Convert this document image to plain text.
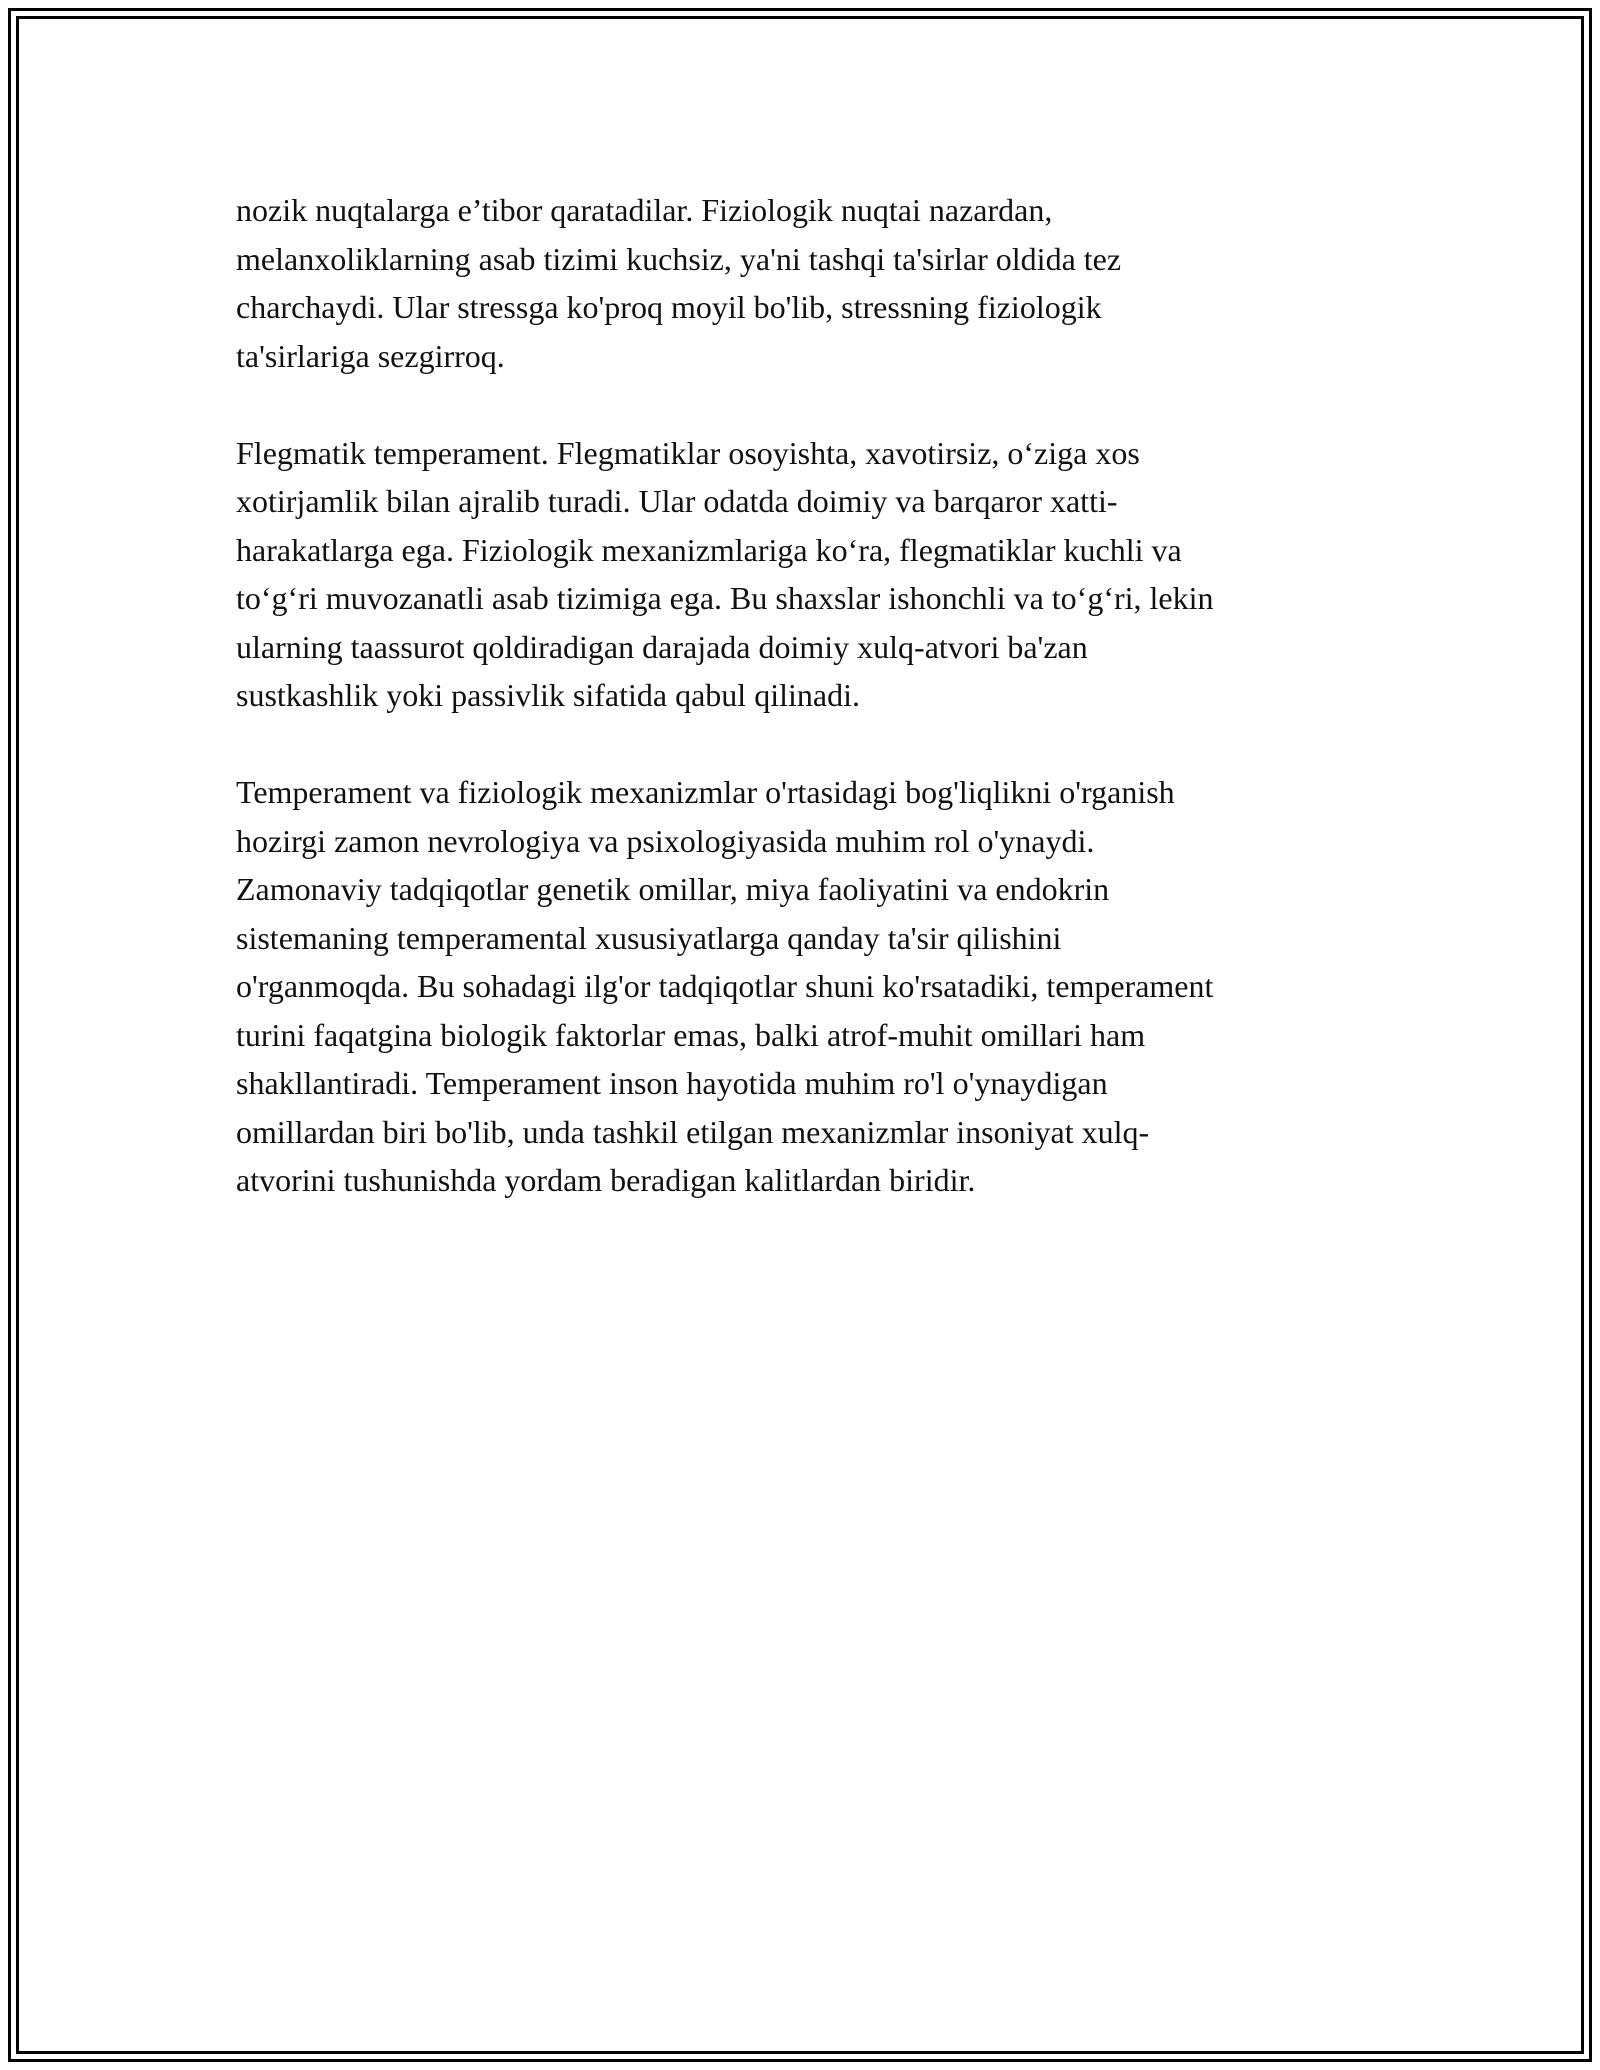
nozik nuqtalarga e’tibor qaratadilar. Fiziologik nuqtai nazardan,
melanxoliklarning asab tizimi kuchsiz, ya'ni tashqi ta'sirlar oldida tez
charchaydi. Ular stressga ko'proq moyil bo'lib, stressning fiziologik
ta'sirlariga sezgirroq.

Flegmatik temperament. Flegmatiklar osoyishta, xavotirsiz, o‘ziga xos
xotirjamlik bilan ajralib turadi. Ular odatda doimiy va barqaror xatti-
harakatlarga ega. Fiziologik mexanizmlariga ko‘ra, flegmatiklar kuchli va
to‘g‘ri muvozanatli asab tizimiga ega. Bu shaxslar ishonchli va to‘g‘ri, lekin
ularning taassurot qoldiradigan darajada doimiy xulq-atvori ba'zan
sustkashlik yoki passivlik sifatida qabul qilinadi.

Temperament va fiziologik mexanizmlar o'rtasidagi bog'liqlikni o'rganish
hozirgi zamon nevrologiya va psixologiyasida muhim rol o'ynaydi.
Zamonaviy tadqiqotlar genetik omillar, miya faoliyatini va endokrin
sistemaning temperamental xususiyatlarga qanday ta'sir qilishini
o'rganmoqda. Bu sohadagi ilg'or tadqiqotlar shuni ko'rsatadiki, temperament
turini faqatgina biologik faktorlar emas, balki atrof-muhit omillari ham
shakllantiradi. Temperament inson hayotida muhim ro'l o'ynaydigan
omillardan biri bo'lib, unda tashkil etilgan mexanizmlar insoniyat xulq-
atvorini tushunishda yordam beradigan kalitlardan biridir.
